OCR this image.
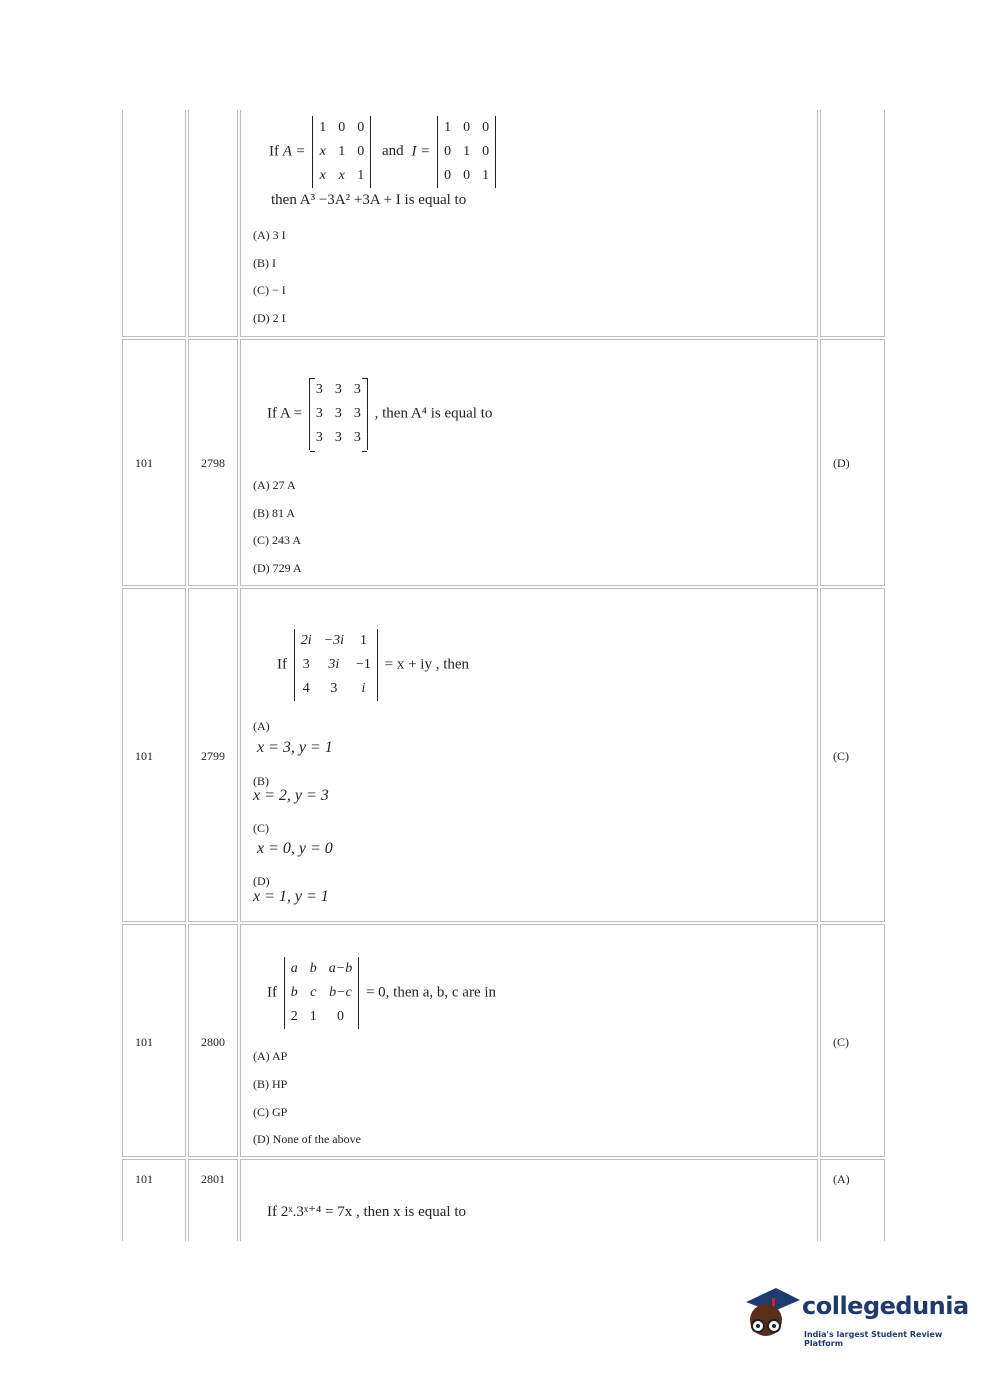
If A =
1	0	0
x	1	0
x	x	1
and I =
1	0	0
0	1	0
0	0	1
then A³ −3A² +3A + I is equal to
(A) 3 I
(B) I
(C) − I
(D) 2 I
101	2798
If A =
3	3	3
3	3	3
3	3	3
, then A⁴ is equal to
(A) 27 A
(B) 81 A
(C) 243 A
(D) 729 A
(D)
101	2799
If
2i	−3i	1
3	3i	−1
4	3	i
= x + iy , then
(A)
x = 3, y = 1
(B)
x = 2, y = 3
(C)
x = 0, y = 0
(D)
x = 1, y = 1
(C)
101	2800
If
a	b	a−b
b	c	b−c
2	1	0
= 0, then a, b, c are in
(A) AP
(B) HP
(C) GP
(D) None of the above
(C)
101	2801
If 2ˣ.3ˣ⁺⁴ = 7x , then x is equal to
(A)
collegedunia
India's largest Student Review Platform
